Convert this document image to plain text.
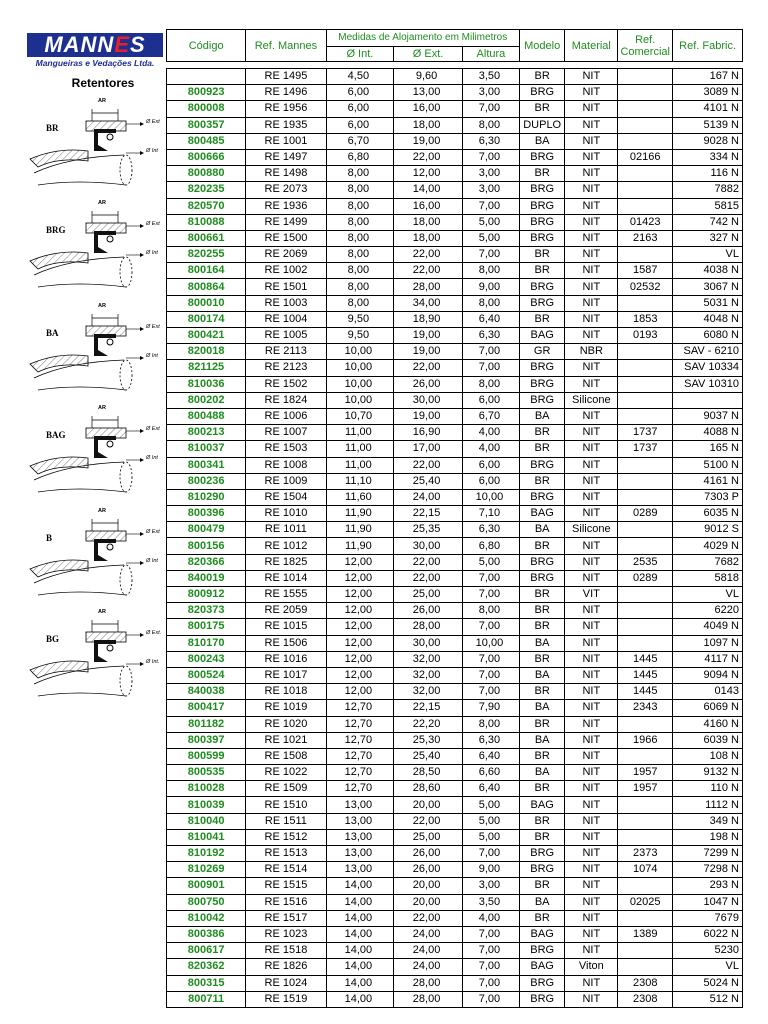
MANNES
Mangueiras e Vedações Ltda.
Retentores
BR
AR
Ø Ext
Ø Int
BRG
AR
Ø Ext
Ø Int
BA
AR
Ø Ext
Ø Int
BAG
AR
Ø Ext
Ø Int
B
AR
Ø Ext
Ø Int
BG
AR
Ø Ext.
Ø Int.
Código	Ref. Mannes	Medidas de Alojamento em Milimetros			Modelo	Material	Ref. Comercial	Ref. Fabric.
		Ø Int.	Ø Ext.	Altura				

	RE 1495	4,50	9,60	3,50	BR	NIT		167 N
800923	RE 1496	6,00	13,00	3,00	BRG	NIT		3089 N
800008	RE 1956	6,00	16,00	7,00	BR	NIT		4101 N
800357	RE 1935	6,00	18,00	8,00	DUPLO	NIT		5139 N
800485	RE 1001	6,70	19,00	6,30	BA	NIT		9028 N
800666	RE 1497	6,80	22,00	7,00	BRG	NIT	02166	334 N
800880	RE 1498	8,00	12,00	3,00	BR	NIT		116 N
820235	RE 2073	8,00	14,00	3,00	BRG	NIT		7882
820570	RE 1936	8,00	16,00	7,00	BRG	NIT		5815
810088	RE 1499	8,00	18,00	5,00	BRG	NIT	01423	742 N
800661	RE 1500	8,00	18,00	5,00	BRG	NIT	2163	327 N
820255	RE 2069	8,00	22,00	7,00	BR	NIT		VL
800164	RE 1002	8,00	22,00	8,00	BR	NIT	1587	4038 N
800864	RE 1501	8,00	28,00	9,00	BRG	NIT	02532	3067 N
800010	RE 1003	8,00	34,00	8,00	BRG	NIT		5031 N
800174	RE 1004	9,50	18,90	6,40	BR	NIT	1853	4048 N
800421	RE 1005	9,50	19,00	6,30	BAG	NIT	0193	6080 N
820018	RE 2113	10,00	19,00	7,00	GR	NBR		SAV - 6210
821125	RE 2123	10,00	22,00	7,00	BRG	NIT		SAV 10334
810036	RE 1502	10,00	26,00	8,00	BRG	NIT		SAV 10310
800202	RE 1824	10,00	30,00	6,00	BRG	Silicone		
800488	RE 1006	10,70	19,00	6,70	BA	NIT		9037 N
800213	RE 1007	11,00	16,90	4,00	BR	NIT	1737	4088 N
810037	RE 1503	11,00	17,00	4,00	BR	NIT	1737	165 N
800341	RE 1008	11,00	22,00	6,00	BRG	NIT		5100 N
800236	RE 1009	11,10	25,40	6,00	BR	NIT		4161 N
810290	RE 1504	11,60	24,00	10,00	BRG	NIT		7303 P
800396	RE 1010	11,90	22,15	7,10	BAG	NIT	0289	6035 N
800479	RE 1011	11,90	25,35	6,30	BA	Silicone		9012 S
800156	RE 1012	11,90	30,00	6,80	BR	NIT		4029 N
820366	RE 1825	12,00	22,00	5,00	BRG	NIT	2535	7682
840019	RE 1014	12,00	22,00	7,00	BRG	NIT	0289	5818
800912	RE 1555	12,00	25,00	7,00	BR	VIT		VL
820373	RE 2059	12,00	26,00	8,00	BR	NIT		6220
800175	RE 1015	12,00	28,00	7,00	BR	NIT		4049 N
810170	RE 1506	12,00	30,00	10,00	BA	NIT		1097 N
800243	RE 1016	12,00	32,00	7,00	BR	NIT	1445	4117 N
800524	RE 1017	12,00	32,00	7,00	BA	NIT	1445	9094 N
840038	RE 1018	12,00	32,00	7,00	BR	NIT	1445	0143
800417	RE 1019	12,70	22,15	7,90	BA	NIT	2343	6069 N
801182	RE 1020	12,70	22,20	8,00	BR	NIT		4160 N
800397	RE 1021	12,70	25,30	6,30	BA	NIT	1966	6039 N
800599	RE 1508	12,70	25,40	6,40	BR	NIT		108 N
800535	RE 1022	12,70	28,50	6,60	BA	NIT	1957	9132 N
810028	RE 1509	12,70	28,60	6,40	BR	NIT	1957	110 N
810039	RE 1510	13,00	20,00	5,00	BAG	NIT		1112 N
810040	RE 1511	13,00	22,00	5,00	BR	NIT		349 N
810041	RE 1512	13,00	25,00	5,00	BR	NIT		198 N
810192	RE 1513	13,00	26,00	7,00	BRG	NIT	2373	7299 N
810269	RE 1514	13,00	26,00	9,00	BRG	NIT	1074	7298 N
800901	RE 1515	14,00	20,00	3,00	BR	NIT		293 N
800750	RE 1516	14,00	20,00	3,50	BA	NIT	02025	1047 N
810042	RE 1517	14,00	22,00	4,00	BR	NIT		7679
800386	RE 1023	14,00	24,00	7,00	BAG	NIT	1389	6022 N
800617	RE 1518	14,00	24,00	7,00	BRG	NIT		5230
820362	RE 1826	14,00	24,00	7,00	BAG	Viton		VL
800315	RE 1024	14,00	28,00	7,00	BRG	NIT	2308	5024 N
800711	RE 1519	14,00	28,00	7,00	BRG	NIT	2308	512 N
